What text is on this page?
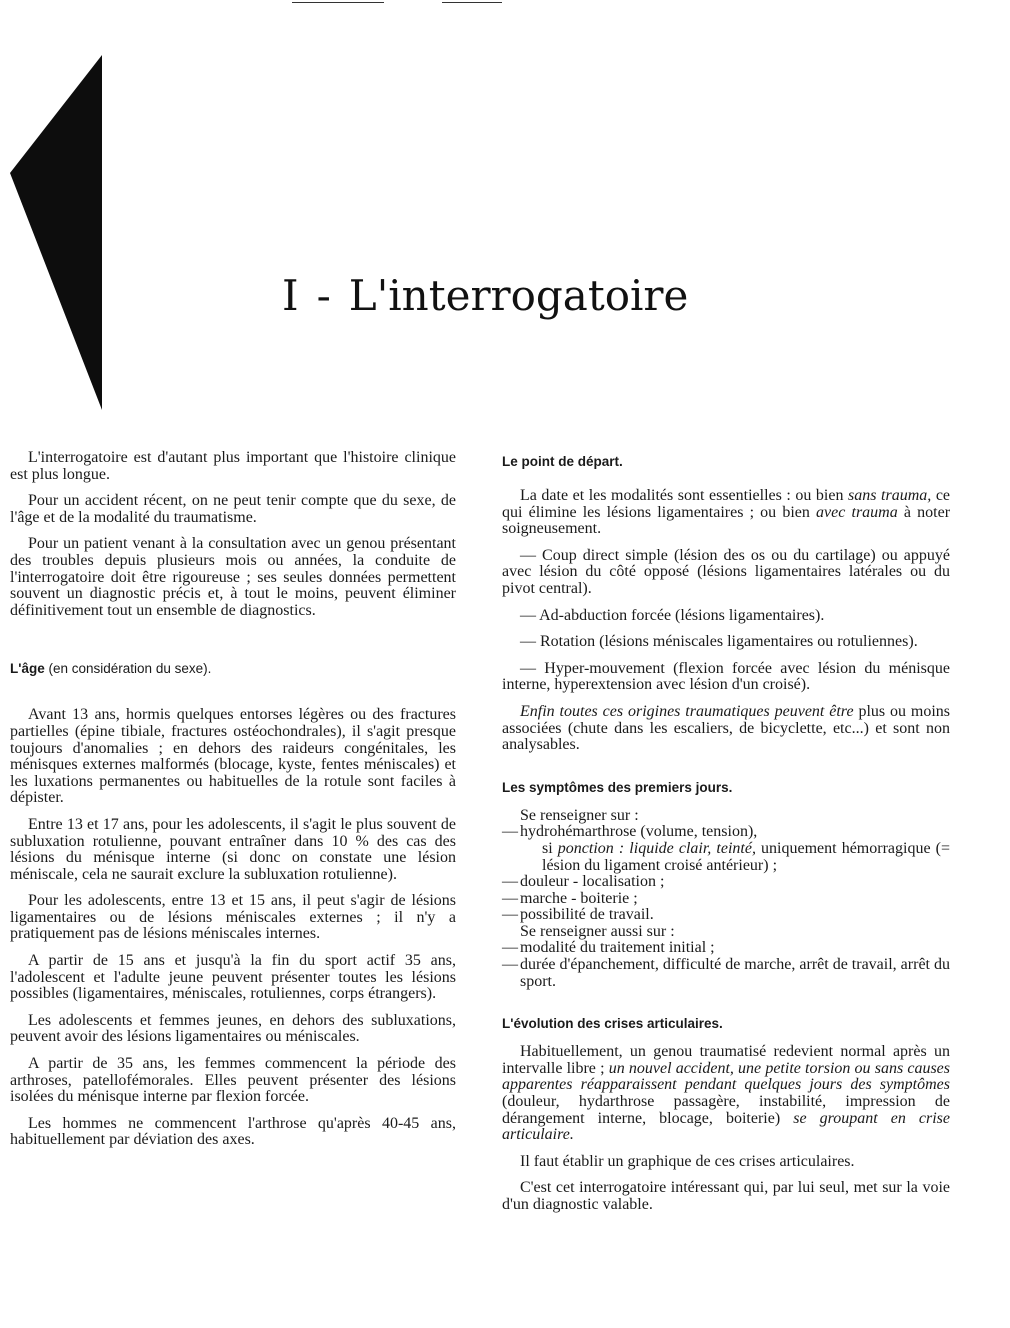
I - L'interrogatoire

L'interrogatoire est d'autant plus important que l'histoire clinique est plus longue.

Pour un accident récent, on ne peut tenir compte que du sexe, de l'âge et de la modalité du traumatisme.

Pour un patient venant à la consultation avec un genou présentant des troubles depuis plusieurs mois ou années, la conduite de l'interrogatoire doit être rigoureuse ; ses seules données permettent souvent un diagnostic précis et, à tout le moins, peuvent éliminer définitivement tout un ensemble de diagnostics.

L'âge (en considération du sexe).

Avant 13 ans, hormis quelques entorses légères ou des fractures partielles (épine tibiale, fractures ostéochondrales), il s'agit presque toujours d'anomalies ; en dehors des raideurs congénitales, les ménisques externes malformés (blocage, kyste, fentes méniscales) et les luxations permanentes ou habituelles de la rotule sont faciles à dépister.

Entre 13 et 17 ans, pour les adolescents, il s'agit le plus souvent de subluxation rotulienne, pouvant entraîner dans 10 % des cas des lésions du ménisque interne (si donc on constate une lésion méniscale, cela ne saurait exclure la subluxation rotulienne).

Pour les adolescents, entre 13 et 15 ans, il peut s'agir de lésions ligamentaires ou de lésions méniscales externes ; il n'y a pratiquement pas de lésions méniscales internes.

A partir de 15 ans et jusqu'à la fin du sport actif 35 ans, l'adolescent et l'adulte jeune peuvent présenter toutes les lésions possibles (ligamentaires, méniscales, rotuliennes, corps étrangers).

Les adolescents et femmes jeunes, en dehors des subluxations, peuvent avoir des lésions ligamentaires ou méniscales.

A partir de 35 ans, les femmes commencent la période des arthroses, patellofémorales. Elles peuvent présenter des lésions isolées du ménisque interne par flexion forcée.

Les hommes ne commencent l'arthrose qu'après 40-45 ans, habituellement par déviation des axes.

Le point de départ.

La date et les modalités sont essentielles : ou bien sans trauma, ce qui élimine les lésions ligamentaires ; ou bien avec trauma à noter soigneusement.

— Coup direct simple (lésion des os ou du cartilage) ou appuyé avec lésion du côté opposé (lésions ligamentaires latérales ou du pivot central).

— Ad-abduction forcée (lésions ligamentaires).

— Rotation (lésions méniscales ligamentaires ou rotuliennes).

— Hyper-mouvement (flexion forcée avec lésion du ménisque interne, hyperextension avec lésion d'un croisé).

Enfin toutes ces origines traumatiques peuvent être plus ou moins associées (chute dans les escaliers, de bicyclette, etc...) et sont non analysables.

Les symptômes des premiers jours.

Se renseigner sur :
— hydrohémarthrose (volume, tension),
si ponction : liquide clair, teinté, uniquement hémorragique (= lésion du ligament croisé antérieur) ;
— douleur - localisation ;
— marche - boiterie ;
— possibilité de travail.
Se renseigner aussi sur :
— modalité du traitement initial ;
— durée d'épanchement, difficulté de marche, arrêt de travail, arrêt du sport.

L'évolution des crises articulaires.

Habituellement, un genou traumatisé redevient normal après un intervalle libre ; un nouvel accident, une petite torsion ou sans causes apparentes réapparaissent pendant quelques jours des symptômes (douleur, hydarthrose passagère, instabilité, impression de dérangement interne, blocage, boiterie) se groupant en crise articulaire.

Il faut établir un graphique de ces crises articulaires.

C'est cet interrogatoire intéressant qui, par lui seul, met sur la voie d'un diagnostic valable.
